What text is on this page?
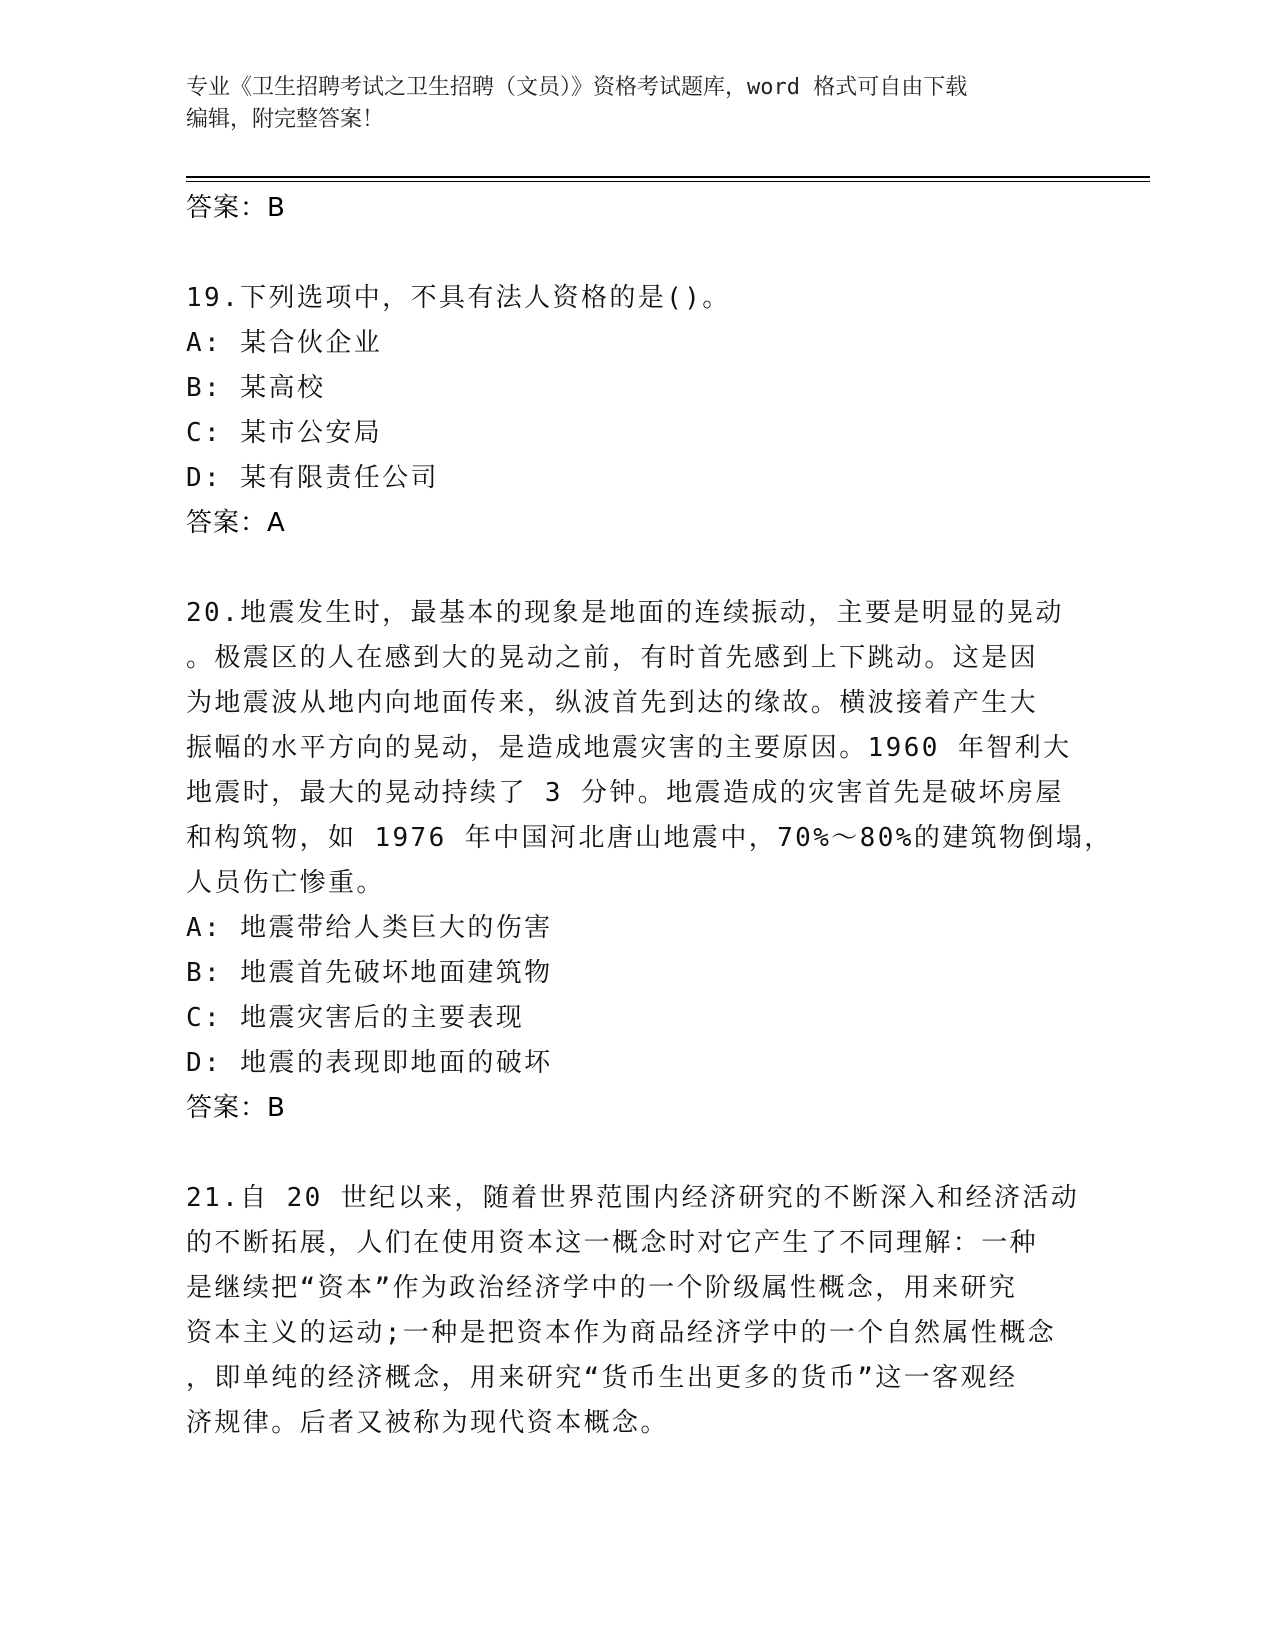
专业《卫生招聘考试之卫生招聘（文员）》资格考试题库，word 格式可自由下载
编辑，附完整答案！
答案：B
19.下列选项中，不具有法人资格的是()。
A: 某合伙企业
B: 某高校
C: 某市公安局
D: 某有限责任公司
答案：A
20.地震发生时，最基本的现象是地面的连续振动，主要是明显的晃动
。极震区的人在感到大的晃动之前，有时首先感到上下跳动。这是因
为地震波从地内向地面传来，纵波首先到达的缘故。横波接着产生大
振幅的水平方向的晃动，是造成地震灾害的主要原因。1960 年智利大
地震时，最大的晃动持续了 3 分钟。地震造成的灾害首先是破坏房屋
和构筑物，如 1976 年中国河北唐山地震中，70%～80%的建筑物倒塌，
人员伤亡惨重。
A: 地震带给人类巨大的伤害
B: 地震首先破坏地面建筑物
C: 地震灾害后的主要表现
D: 地震的表现即地面的破坏
答案：B
21.自 20 世纪以来，随着世界范围内经济研究的不断深入和经济活动
的不断拓展，人们在使用资本这一概念时对它产生了不同理解：一种
是继续把“资本”作为政治经济学中的一个阶级属性概念，用来研究
资本主义的运动;一种是把资本作为商品经济学中的一个自然属性概念
，即单纯的经济概念，用来研究“货币生出更多的货币”这一客观经
济规律。后者又被称为现代资本概念。
